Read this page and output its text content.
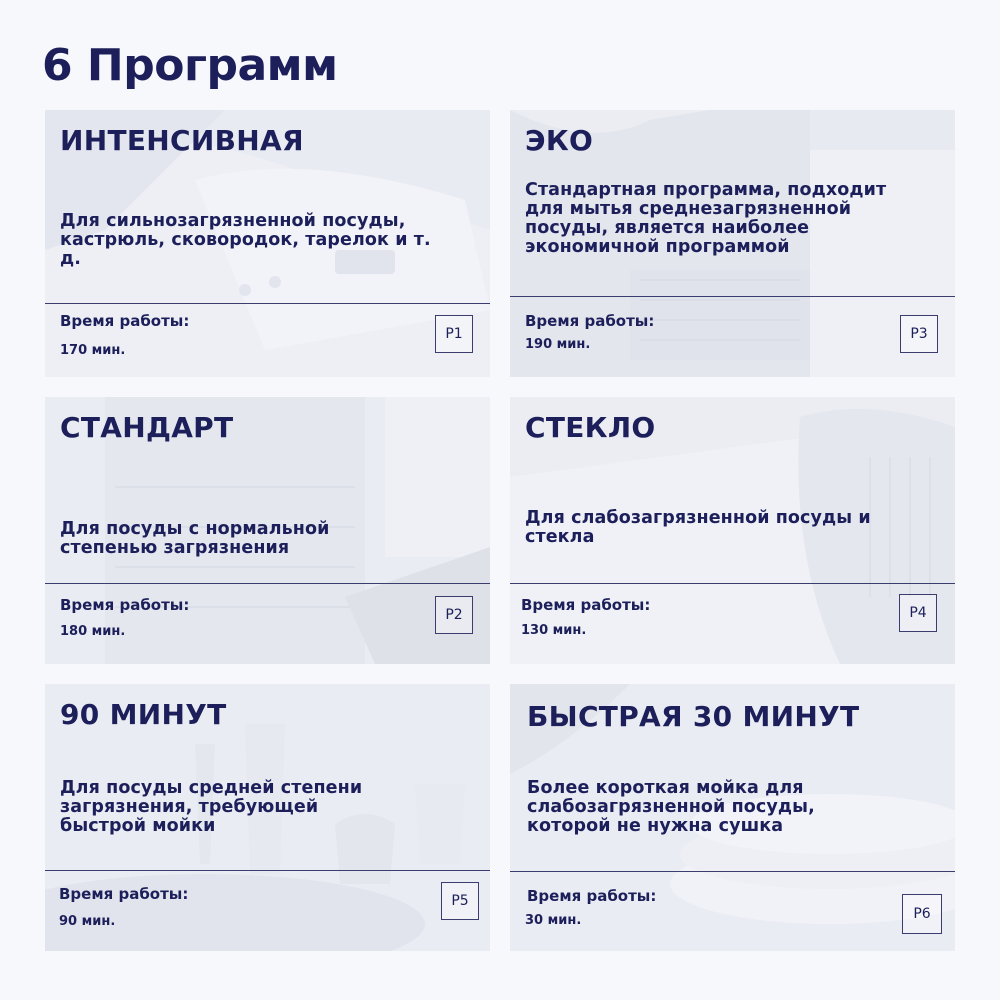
6 Программ
ИНТЕНСИВНАЯ
Для сильнозагрязненной посуды, кастрюль, сковородок, тарелок и т. д.
Время работы:
170 мин.
P1
ЭКО
Стандартная программа, подходит для мытья среднезагрязненной посуды, является наиболее экономичной программой
Время работы:
190 мин.
P3
СТАНДАРТ
Для посуды с нормальной степенью загрязнения
Время работы:
180 мин.
P2
СТЕКЛО
Для слабозагрязненной посуды и стекла
Время работы:
130 мин.
P4
90 МИНУТ
Для посуды средней степени загрязнения, требующей быстрой мойки
Время работы:
90 мин.
P5
БЫСТРАЯ 30 МИНУТ
Более короткая мойка для слабозагрязненной посуды, которой не нужна сушка
Время работы:
30 мин.	P6
